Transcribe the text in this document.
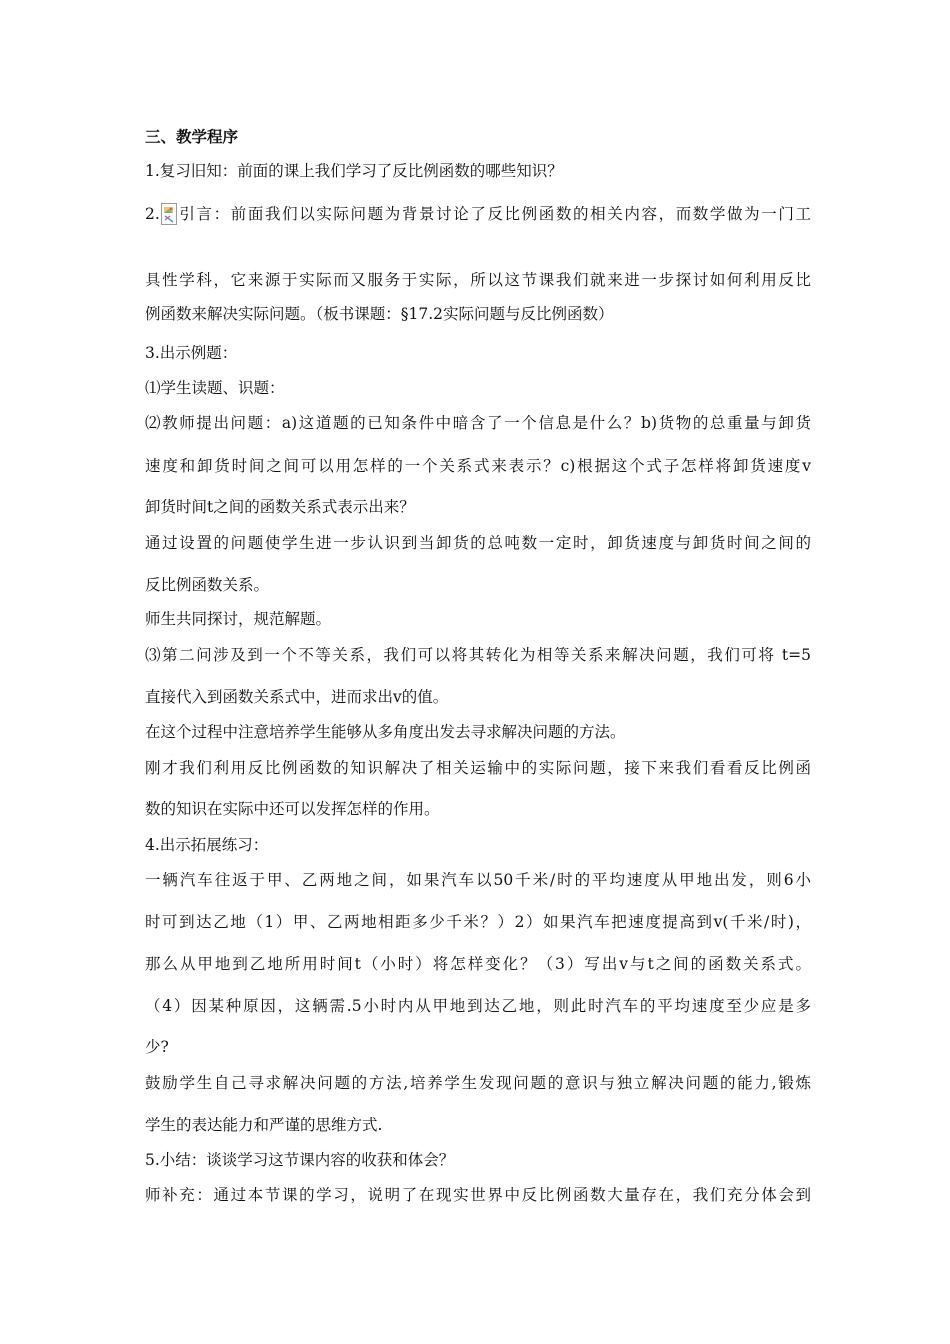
三、教学程序
1.复习旧知：前面的课上我们学习了反比例函数的哪些知识？
2. 引言：前面我们以实际问题为背景讨论了反比例函数的相关内容，而数学做为一门工
具性学科，它来源于实际而又服务于实际，所以这节课我们就来进一步探讨如何利用反比
例函数来解决实际问题。（板书课题：§17.2实际问题与反比例函数）
3.出示例题：
⑴学生读题、识题：
⑵教师提出问题：a)这道题的已知条件中暗含了一个信息是什么？b)货物的总重量与卸货
速度和卸货时间之间可以用怎样的一个关系式来表示？c)根据这个式子怎样将卸货速度v
卸货时间t之间的函数关系式表示出来？
通过设置的问题使学生进一步认识到当卸货的总吨数一定时，卸货速度与卸货时间之间的
反比例函数关系。
师生共同探讨，规范解题。
⑶第二问涉及到一个不等关系，我们可以将其转化为相等关系来解决问题，我们可将 t=5
直接代入到函数关系式中，进而求出v的值。
在这个过程中注意培养学生能够从多角度出发去寻求解决问题的方法。
刚才我们利用反比例函数的知识解决了相关运输中的实际问题，接下来我们看看反比例函
数的知识在实际中还可以发挥怎样的作用。
4.出示拓展练习：
一辆汽车往返于甲、乙两地之间，如果汽车以50千米/时的平均速度从甲地出发，则6小
时可到达乙地（1）甲、乙两地相距多少千米？）2）如果汽车把速度提高到v(千米/时)，
那么从甲地到乙地所用时间t（小时）将怎样变化？（3）写出v与t之间的函数关系式。
（4）因某种原因，这辆需.5小时内从甲地到达乙地，则此时汽车的平均速度至少应是多
少?
鼓励学生自己寻求解决问题的方法,培养学生发现问题的意识与独立解决问题的能力,锻炼
学生的表达能力和严谨的思维方式.
5.小结：谈谈学习这节课内容的收获和体会？
师补充：通过本节课的学习，说明了在现实世界中反比例函数大量存在，我们充分体会到
